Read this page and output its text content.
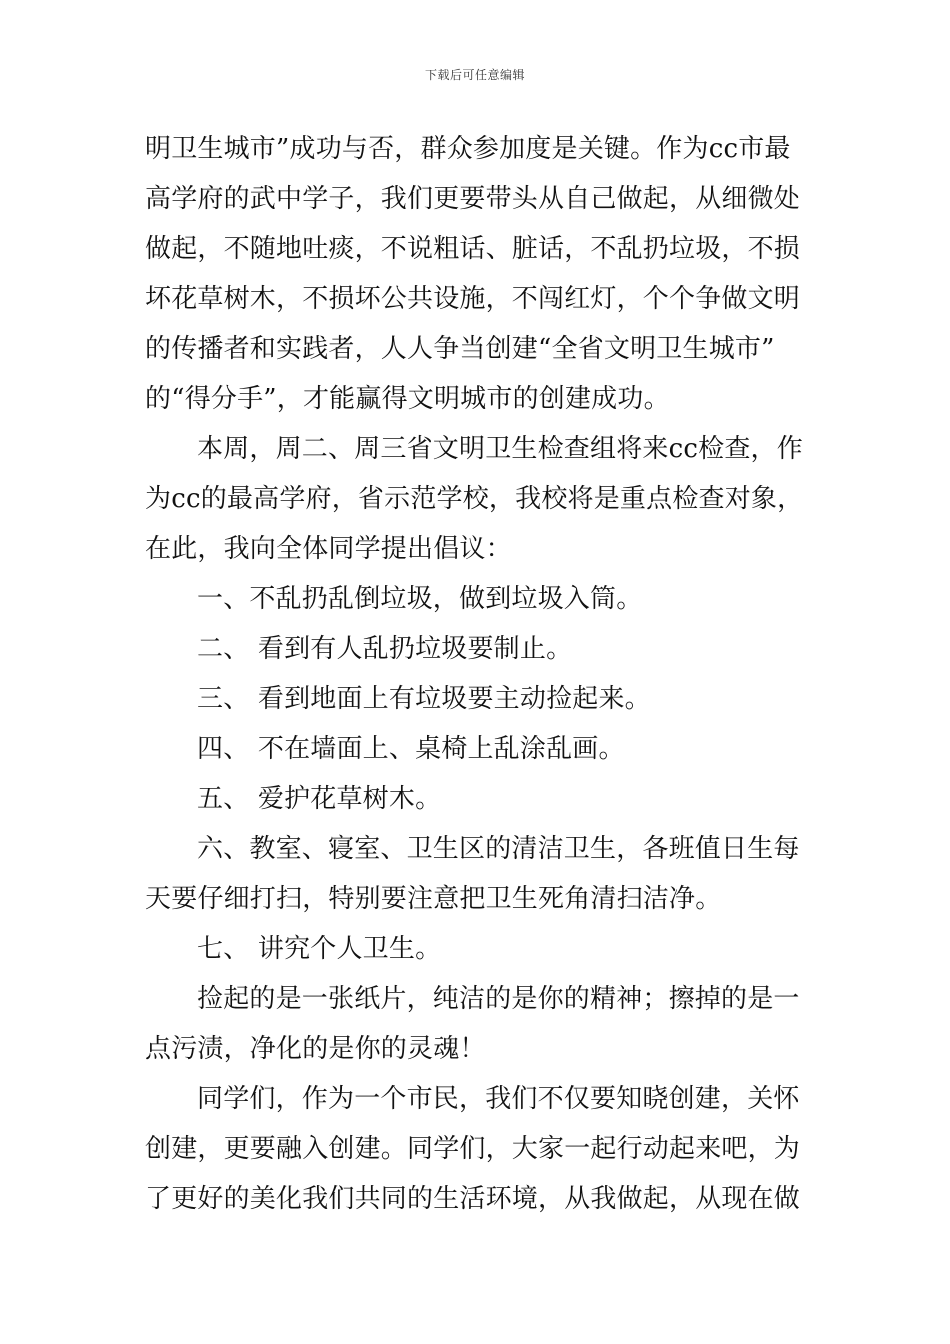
下载后可任意编辑
明卫生城市”成功与否，群众参加度是关键。作为cc市最
高学府的武中学子，我们更要带头从自己做起，从细微处
做起，不随地吐痰，不说粗话、脏话，不乱扔垃圾，不损
坏花草树木，不损坏公共设施，不闯红灯，个个争做文明
的传播者和实践者，人人争当创建“全省文明卫生城市”
的“得分手”，才能赢得文明城市的创建成功。
本周，周二、周三省文明卫生检查组将来cc检查，作
为cc的最高学府，省示范学校，我校将是重点检查对象，
在此，我向全体同学提出倡议：
一、不乱扔乱倒垃圾，做到垃圾入筒。
二、 看到有人乱扔垃圾要制止。
三、 看到地面上有垃圾要主动捡起来。
四、 不在墙面上、桌椅上乱涂乱画。
五、 爱护花草树木。
六、教室、寝室、卫生区的清洁卫生，各班值日生每
天要仔细打扫，特别要注意把卫生死角清扫洁净。
七、 讲究个人卫生。
捡起的是一张纸片，纯洁的是你的精神；擦掉的是一
点污渍，净化的是你的灵魂！
同学们，作为一个市民，我们不仅要知晓创建，关怀
创建，更要融入创建。同学们，大家一起行动起来吧，为
了更好的美化我们共同的生活环境，从我做起，从现在做
